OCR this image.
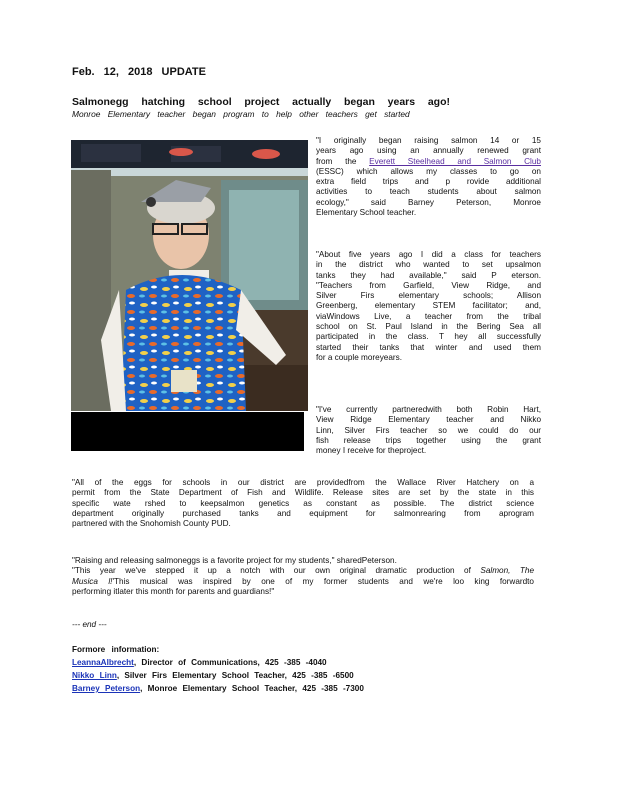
Feb. 12, 2018 UPDATE
Salmonegg hatching school project actually began years ago!
Monroe Elementary teacher began program to help other teachers get started

"I originally began raising salmon 14 or 15

years ago using an annually renewed grant

from the Everett Steelhead and Salmon Club

(ESSC) which allows my classes to go on

extra field trips and p rovide additional

activities to teach students about salmon

ecology," said Barney Peterson, Monroe

Elementary School teacher.

"About five years ago I did a class for teachers

in the district who wanted to set upsalmon

tanks they had available," said P eterson.

"Teachers from Garfield, View Ridge, and

Silver Firs elementary schools; Allison

Greenberg, elementary STEM facilitator; and,

viaWindows Live, a teacher from the tribal

school on St. Paul Island in the Bering Sea all

participated in the class. T hey all successfully

started their tanks that winter and used them

for a couple moreyears.

"I've currently partneredwith both Robin Hart,

View Ridge Elementary teacher and Nikko

Linn, Silver Firs teacher so we could do our

fish release trips together using the grant

money I receive for theproject.

"All of the eggs for schools in our district are providedfrom the Wallace River Hatchery on a

permit from the State Department of Fish and Wildlife. Release sites are set by the state in this

specific wate rshed to keepsalmon genetics as constant as possible. The district science

department originally purchased tanks and equipment for salmonrearing from aprogram

partnered with the Snohomish County PUD.

"Raising and releasing salmoneggs is a favorite project for my students," sharedPeterson.

"This year we've stepped it up a notch with our own original dramatic production of Salmon, The

Musica l!'This musical was inspired by one of my former students and we're loo king forwardto

performing itlater this month for parents and guardians!"

--- end ---
Formore information:
LeannaAlbrecht, Director of Communications, 425 -385 -4040
Nikko Linn, Silver Firs Elementary School Teacher, 425 -385 -6500
Barney Peterson, Monroe Elementary School Teacher, 425 -385 -7300
